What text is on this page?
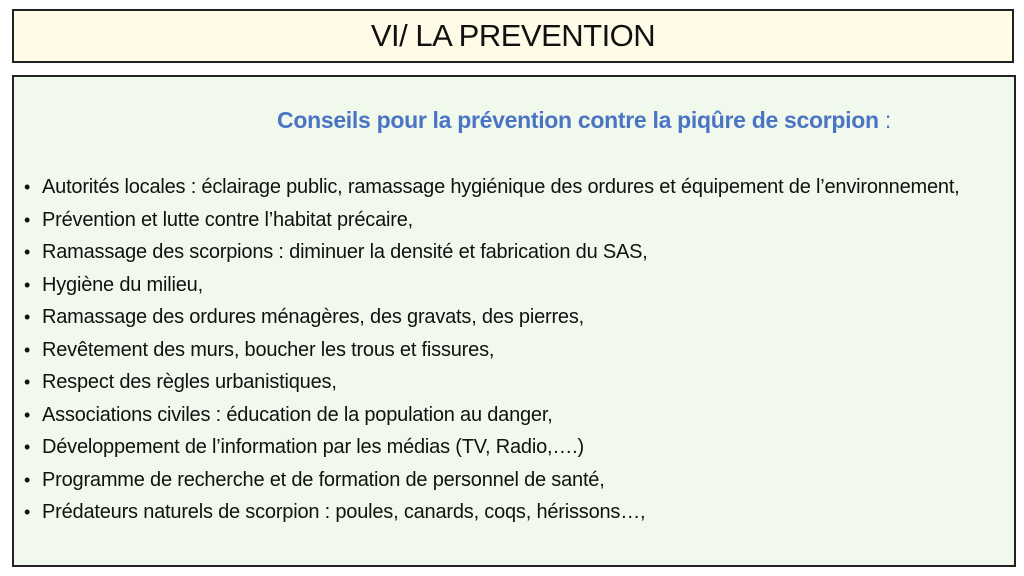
VI/ LA PREVENTION
Conseils pour la prévention contre la piqûre de scorpion :
• Autorités locales : éclairage public, ramassage hygiénique des ordures et équipement de l’environnement,
• Prévention et lutte contre l’habitat précaire,
• Ramassage des scorpions : diminuer la densité et fabrication du SAS,
• Hygiène du milieu,
• Ramassage des ordures ménagères, des gravats, des pierres,
• Revêtement des murs, boucher les trous et fissures,
• Respect des règles urbanistiques,
• Associations civiles : éducation de la population au danger,
• Développement de l’information par les médias (TV, Radio,….)
• Programme de recherche et de formation de personnel de santé,
• Prédateurs naturels de scorpion : poules, canards, coqs, hérissons…,
